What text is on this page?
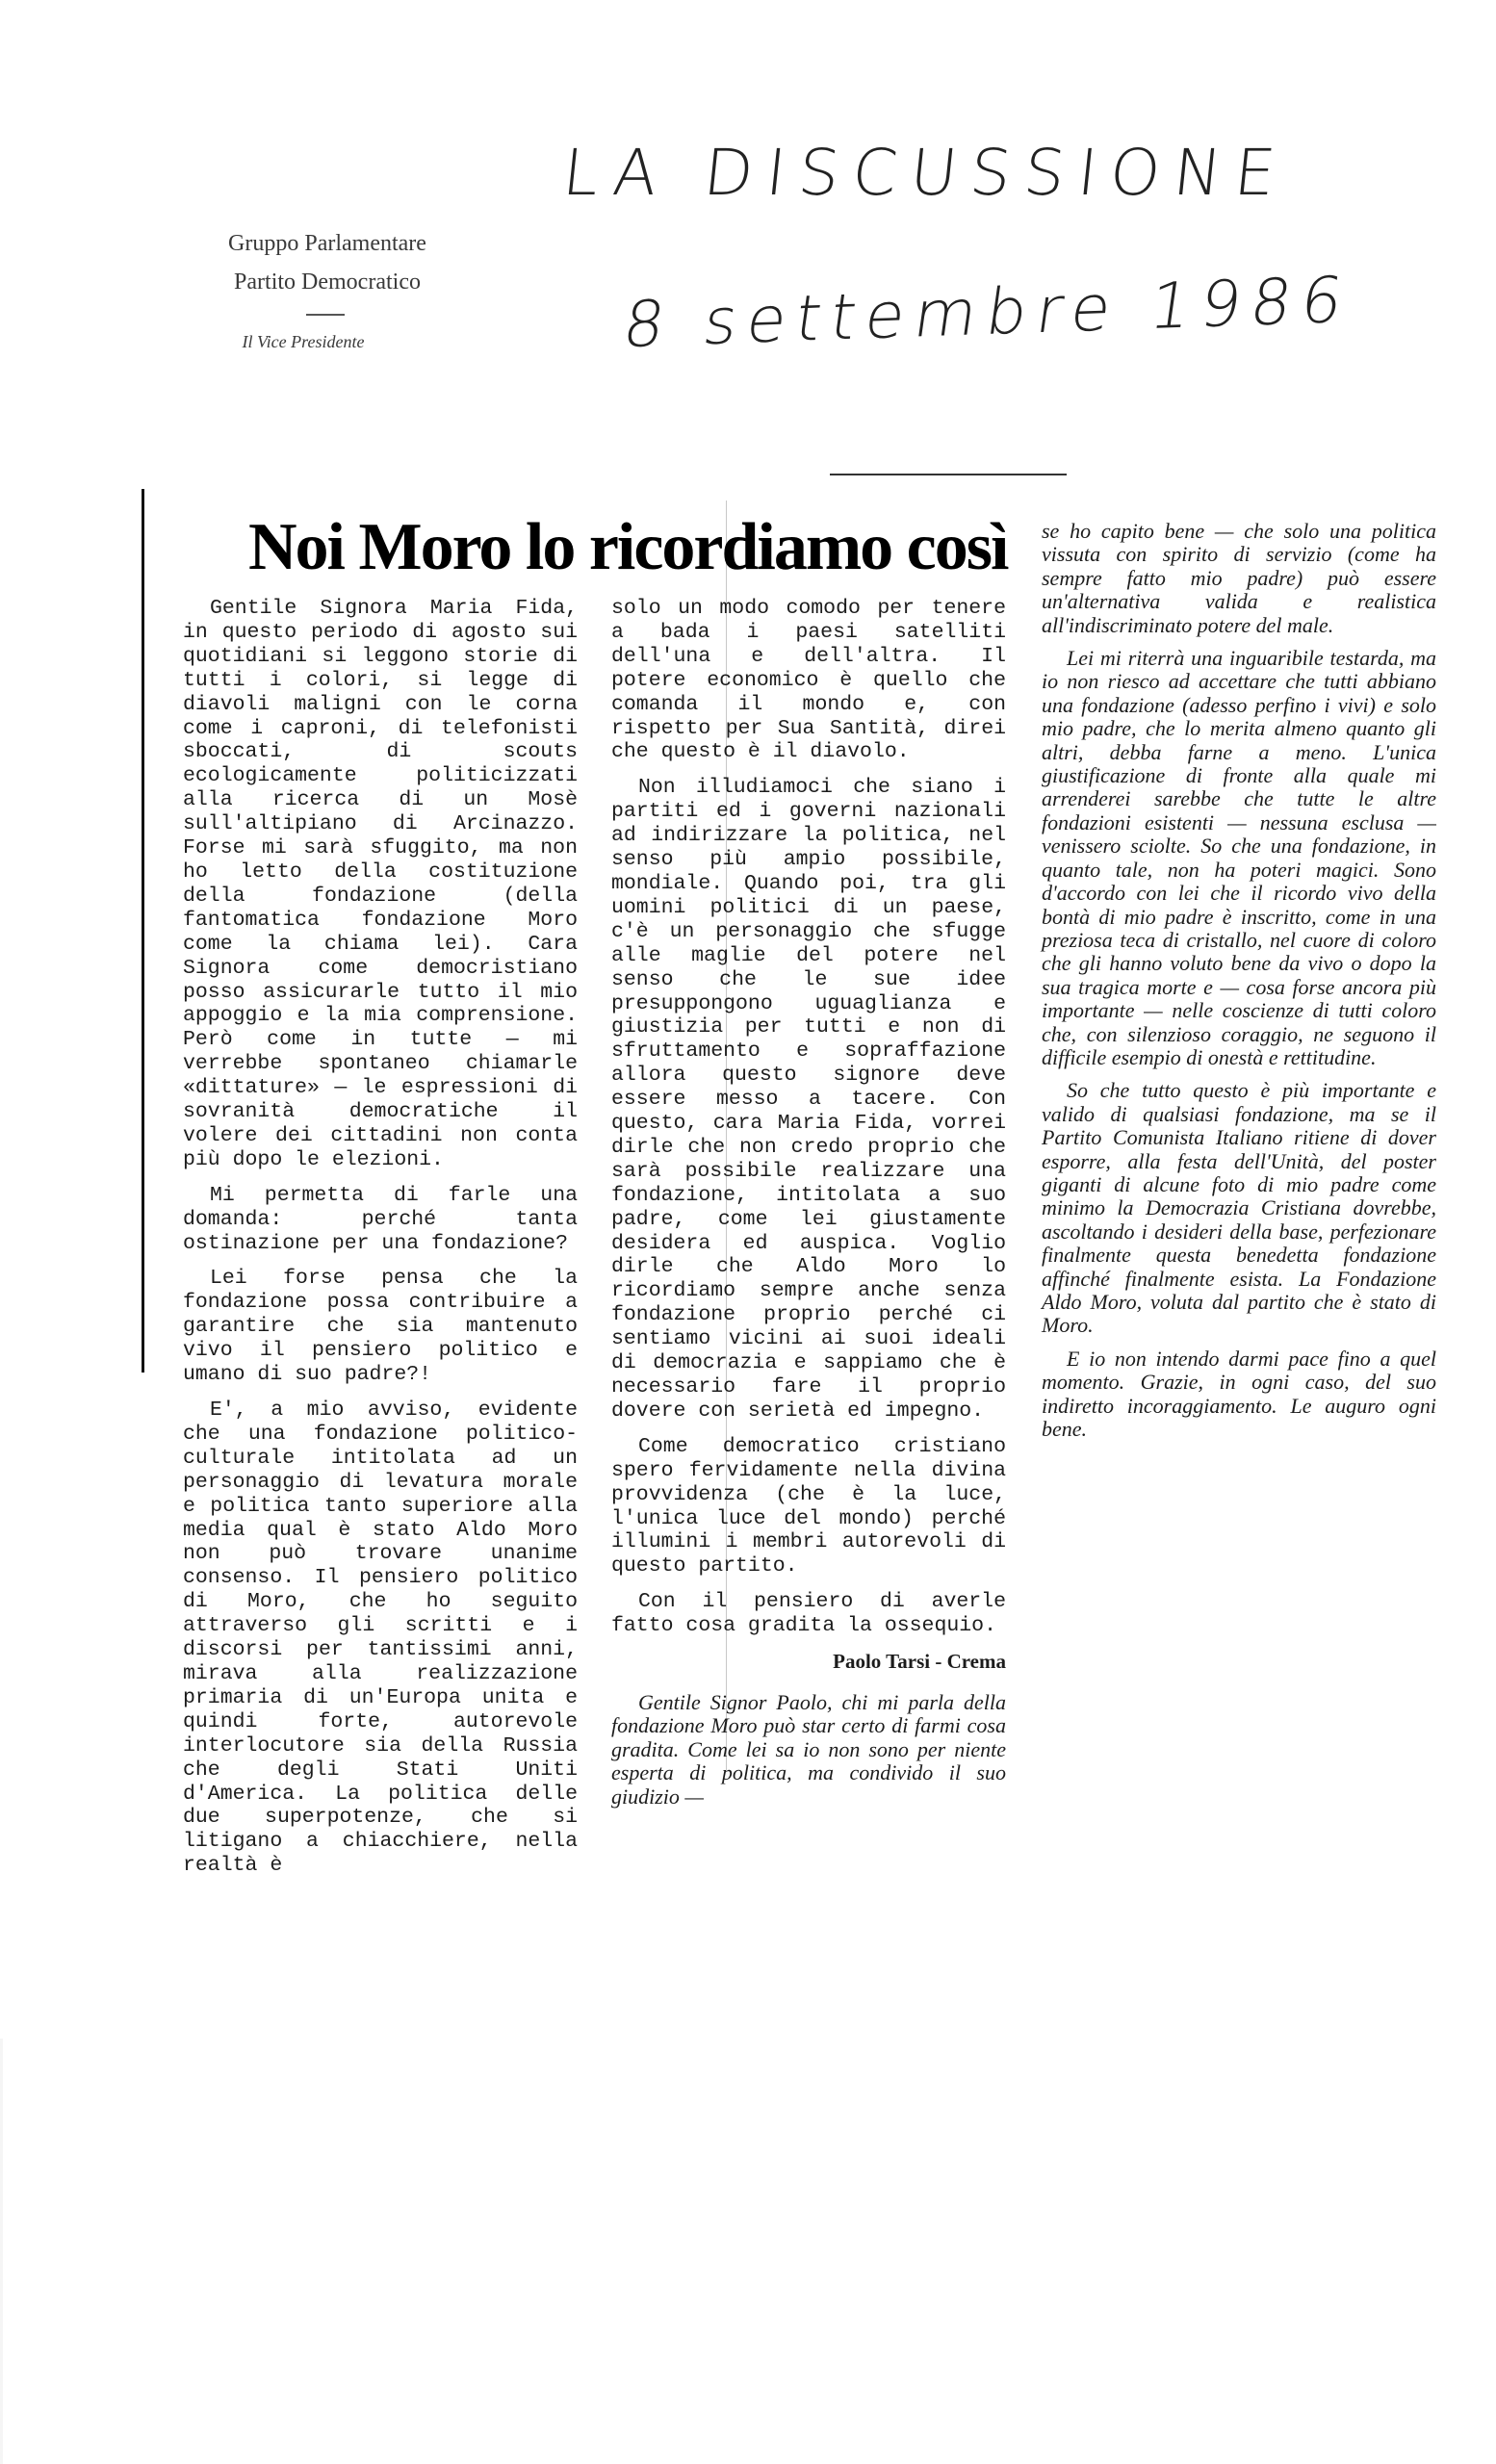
Gruppo Parlamentare
Partito Democratico
Il Vice Presidente
LA DISCUSSIONE
8 settembre 1986
Noi Moro lo ricordiamo così

Gentile Signora Maria Fida, in questo periodo di agosto sui quotidiani si leggono storie di tutti i colori, si legge di diavoli maligni con le corna come i caproni, di telefonisti sboccati, di scouts ecologicamente politicizzati alla ricerca di un Mosè sull'altipiano di Arcinazzo. Forse mi sarà sfuggito, ma non ho letto della costituzione della fondazione (della fantomatica fondazione Moro come la chiama lei). Cara Signora come democristiano posso assicurarle tutto il mio appoggio e la mia comprensione. Però come in tutte — mi verrebbe spontaneo chiamarle «dittature» — le espressioni di sovranità democratiche il volere dei cittadini non conta più dopo le elezioni.

Mi permetta di farle una domanda: perché tanta ostinazione per una fondazione?

Lei forse pensa che la fondazione possa contribuire a garantire che sia mantenuto vivo il pensiero politico e umano di suo padre?!

E', a mio avviso, evidente che una fondazione politico-culturale intitolata ad un personaggio di levatura morale e politica tanto superiore alla media qual è stato Aldo Moro non può trovare unanime consenso. Il pensiero politico di Moro, che ho seguito attraverso gli scritti e i discorsi per tantissimi anni, mirava alla realizzazione primaria di un'Europa unita e quindi forte, autorevole interlocutore sia della Russia che degli Stati Uniti d'America. La politica delle due superpotenze, che si litigano a chiacchiere, nella realtà è

solo un modo comodo per tenere a bada i paesi satelliti dell'una e dell'altra. Il potere economico è quello che comanda il mondo e, con rispetto per Sua Santità, direi che questo è il diavolo.

Non illudiamoci che siano i partiti ed i governi nazionali ad indirizzare la politica, nel senso più ampio possibile, mondiale. Quando poi, tra gli uomini politici di un paese, c'è un personaggio che sfugge alle maglie del potere nel senso che le sue idee presuppongono uguaglianza e giustizia per tutti e non di sfruttamento e sopraffazione allora questo signore deve essere messo a tacere. Con questo, cara Maria Fida, vorrei dirle che non credo proprio che sarà possibile realizzare una fondazione, intitolata a suo padre, come lei giustamente desidera ed auspica. Voglio dirle che Aldo Moro lo ricordiamo sempre anche senza fondazione proprio perché ci sentiamo vicini ai suoi ideali di democrazia e sappiamo che è necessario fare il proprio dovere con serietà ed impegno.

Come democratico cristiano spero fervidamente nella divina provvidenza (che è la luce, l'unica luce del mondo) perché illumini i membri autorevoli di questo partito.

Con il pensiero di averle fatto cosa gradita la ossequio.

Paolo Tarsi - Crema

Gentile Signor Paolo, chi mi parla della fondazione Moro può star certo di farmi cosa gradita. Come lei sa io non sono per niente esperta di politica, ma condivido il suo giudizio —

se ho capito bene — che solo una politica vissuta con spirito di servizio (come ha sempre fatto mio padre) può essere un'alternativa valida e realistica all'indiscriminato potere del male.

Lei mi riterrà una inguaribile testarda, ma io non riesco ad accettare che tutti abbiano una fondazione (adesso perfino i vivi) e solo mio padre, che lo merita almeno quanto gli altri, debba farne a meno. L'unica giustificazione di fronte alla quale mi arrenderei sarebbe che tutte le altre fondazioni esistenti — nessuna esclusa — venissero sciolte. So che una fondazione, in quanto tale, non ha poteri magici. Sono d'accordo con lei che il ricordo vivo della bontà di mio padre è inscritto, come in una preziosa teca di cristallo, nel cuore di coloro che gli hanno voluto bene da vivo o dopo la sua tragica morte e — cosa forse ancora più importante — nelle coscienze di tutti coloro che, con silenzioso coraggio, ne seguono il difficile esempio di onestà e rettitudine.

So che tutto questo è più importante e valido di qualsiasi fondazione, ma se il Partito Comunista Italiano ritiene di dover esporre, alla festa dell'Unità, del poster giganti di alcune foto di mio padre come minimo la Democrazia Cristiana dovrebbe, ascoltando i desideri della base, perfezionare finalmente questa benedetta fondazione affinché finalmente esista. La Fondazione Aldo Moro, voluta dal partito che è stato di Moro.

E io non intendo darmi pace fino a quel momento. Grazie, in ogni caso, del suo indiretto incoraggiamento. Le auguro ogni bene.
